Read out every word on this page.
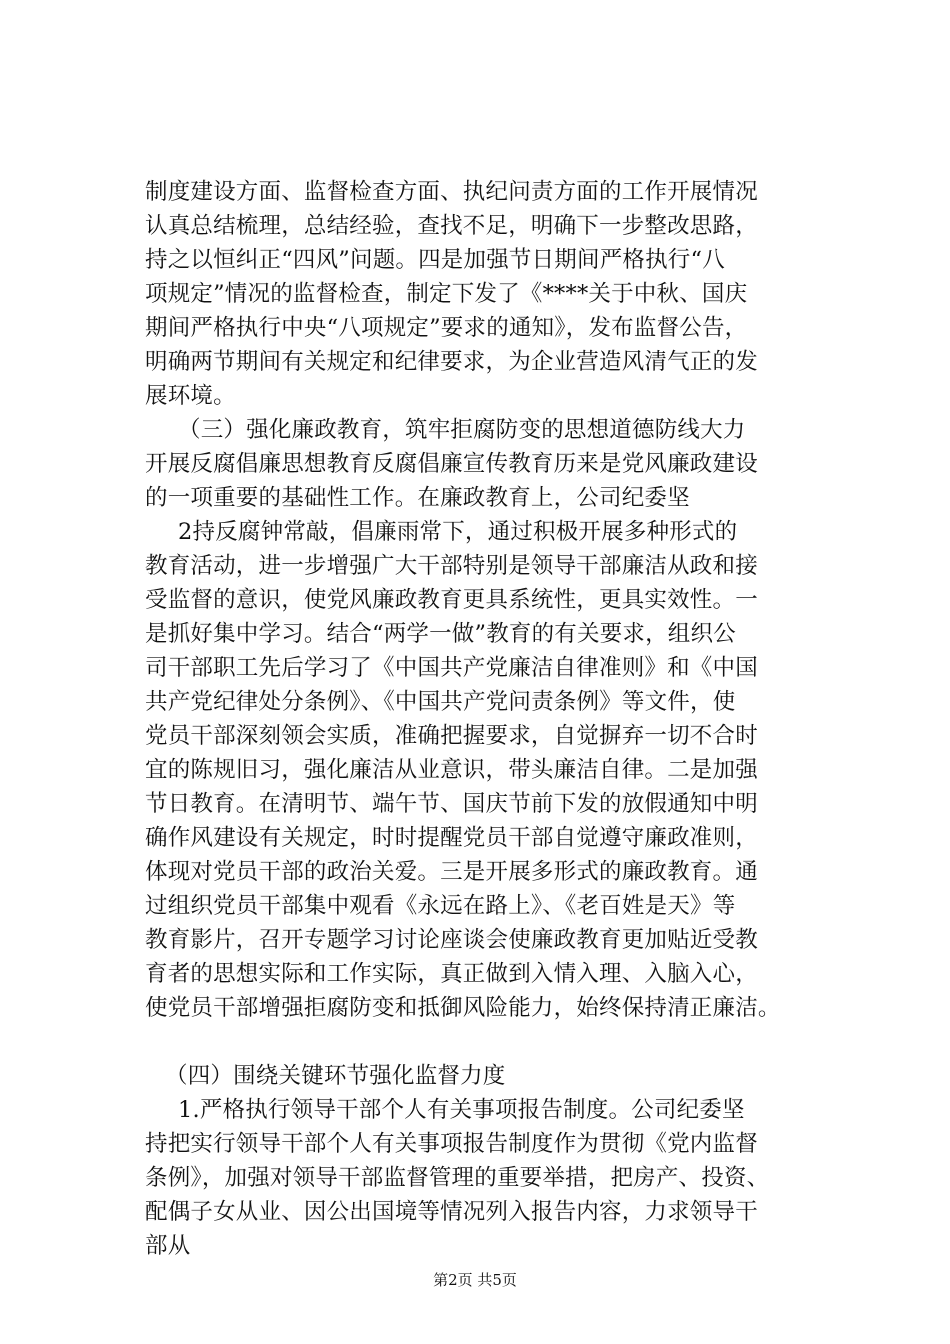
制度建设方面、监督检查方面、执纪问责方面的工作开展情况
认真总结梳理，总结经验，查找不足，明确下一步整改思路，
持之以恒纠正“四风”问题。四是加强节日期间严格执行“八
项规定”情况的监督检查，制定下发了《****关于中秋、国庆
期间严格执行中央“八项规定”要求的通知》，发布监督公告，
明确两节期间有关规定和纪律要求，为企业营造风清气正的发
展环境。
（三）强化廉政教育，筑牢拒腐防变的思想道德防线大力
开展反腐倡廉思想教育反腐倡廉宣传教育历来是党风廉政建设
的一项重要的基础性工作。在廉政教育上，公司纪委坚
2持反腐钟常敲，倡廉雨常下，通过积极开展多种形式的
教育活动，进一步增强广大干部特别是领导干部廉洁从政和接
受监督的意识，使党风廉政教育更具系统性，更具实效性。一
是抓好集中学习。结合“两学一做”教育的有关要求，组织公
司干部职工先后学习了《中国共产党廉洁自律准则》和《中国
共产党纪律处分条例》、《中国共产党问责条例》等文件，使
党员干部深刻领会实质，准确把握要求，自觉摒弃一切不合时
宜的陈规旧习，强化廉洁从业意识，带头廉洁自律。二是加强
节日教育。在清明节、端午节、国庆节前下发的放假通知中明
确作风建设有关规定，时时提醒党员干部自觉遵守廉政准则，
体现对党员干部的政治关爱。三是开展多形式的廉政教育。通
过组织党员干部集中观看《永远在路上》、《老百姓是天》等
教育影片，召开专题学习讨论座谈会使廉政教育更加贴近受教
育者的思想实际和工作实际，真正做到入情入理、入脑入心，
使党员干部增强拒腐防变和抵御风险能力，始终保持清正廉洁。
（四）围绕关键环节强化监督力度
1.严格执行领导干部个人有关事项报告制度。公司纪委坚
持把实行领导干部个人有关事项报告制度作为贯彻《党内监督
条例》，加强对领导干部监督管理的重要举措，把房产、投资、
配偶子女从业、因公出国境等情况列入报告内容，力求领导干
部从
第2页 共5页
